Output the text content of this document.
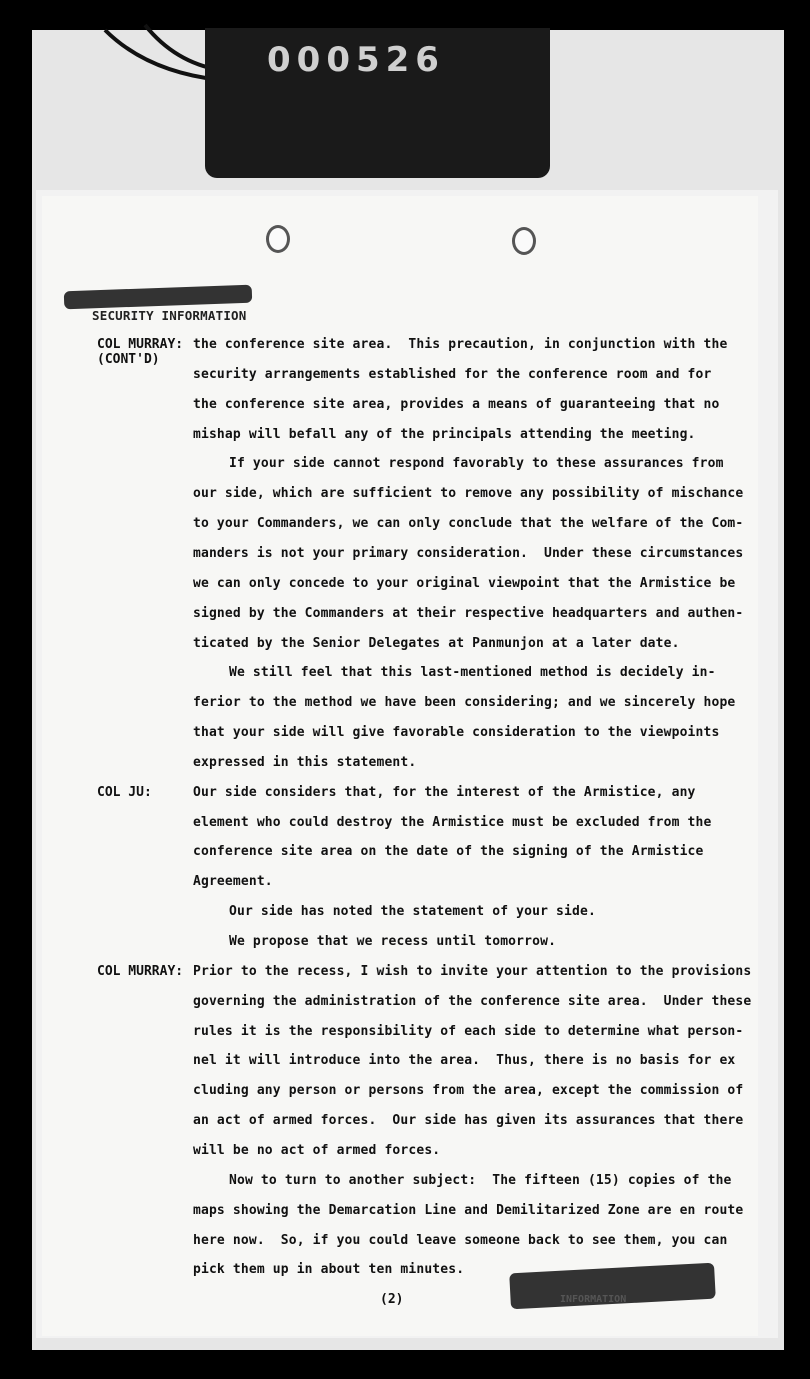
000526
SECURITY INFORMATION
COL MURRAY:
(CONT'D)
the conference site area.  This precaution, in conjunction with the
security arrangements established for the conference room and for
the conference site area, provides a means of guaranteeing that no
mishap will befall any of the principals attending the meeting.
If your side cannot respond favorably to these assurances from
our side, which are sufficient to remove any possibility of mischance
to your Commanders, we can only conclude that the welfare of the Com-
manders is not your primary consideration.  Under these circumstances
we can only concede to your original viewpoint that the Armistice be
signed by the Commanders at their respective headquarters and authen-
ticated by the Senior Delegates at Panmunjon at a later date.
We still feel that this last-mentioned method is decidely in-
ferior to the method we have been considering; and we sincerely hope
that your side will give favorable consideration to the viewpoints
expressed in this statement.
COL JU:	Our side considers that, for the interest of the Armistice, any
element who could destroy the Armistice must be excluded from the
conference site area on the date of the signing of the Armistice
Agreement.
Our side has noted the statement of your side.
We propose that we recess until tomorrow.
COL MURRAY: Prior to the recess, I wish to invite your attention to the provisions
governing the administration of the conference site area.  Under these
rules it is the responsibility of each side to determine what person-
nel it will introduce into the area.  Thus, there is no basis for ex
cluding any person or persons from the area, except the commission of
an act of armed forces.  Our side has given its assurances that there
will be no act of armed forces.
Now to turn to another subject:  The fifteen (15) copies of the
maps showing the Demarcation Line and Demilitarized Zone are en route
here now.  So, if you could leave someone back to see them, you can
pick them up in about ten minutes.
INFORMATION
(2)
